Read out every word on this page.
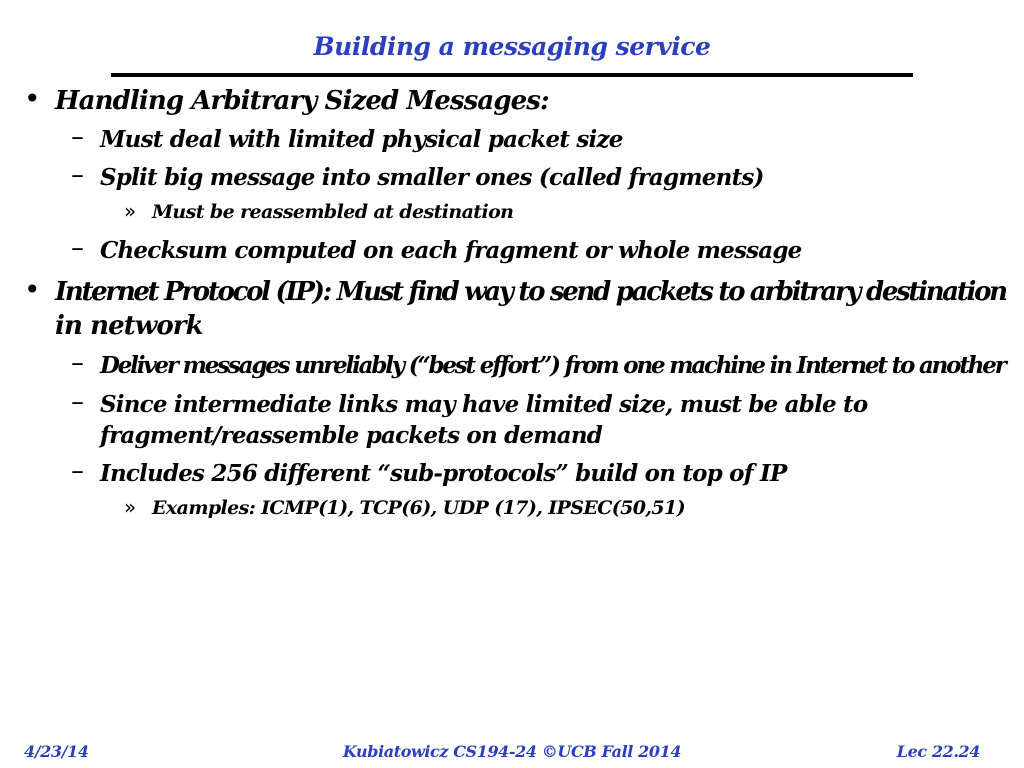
Building a messaging service
• Handling Arbitrary Sized Messages:
– Must deal with limited physical packet size
– Split big message into smaller ones (called fragments)
» Must be reassembled at destination
– Checksum computed on each fragment or whole message
• Internet Protocol (IP): Must find way to send packets to arbitrary destination
in network
– Deliver messages unreliably (“best effort”) from one machine in Internet to another
– Since intermediate links may have limited size, must be able to
fragment/reassemble packets on demand
– Includes 256 different “sub-protocols” build on top of IP
» Examples: ICMP(1), TCP(6), UDP (17), IPSEC(50,51)
4/23/14	Kubiatowicz CS194-24 ©UCB Fall 2014	Lec 22.24
